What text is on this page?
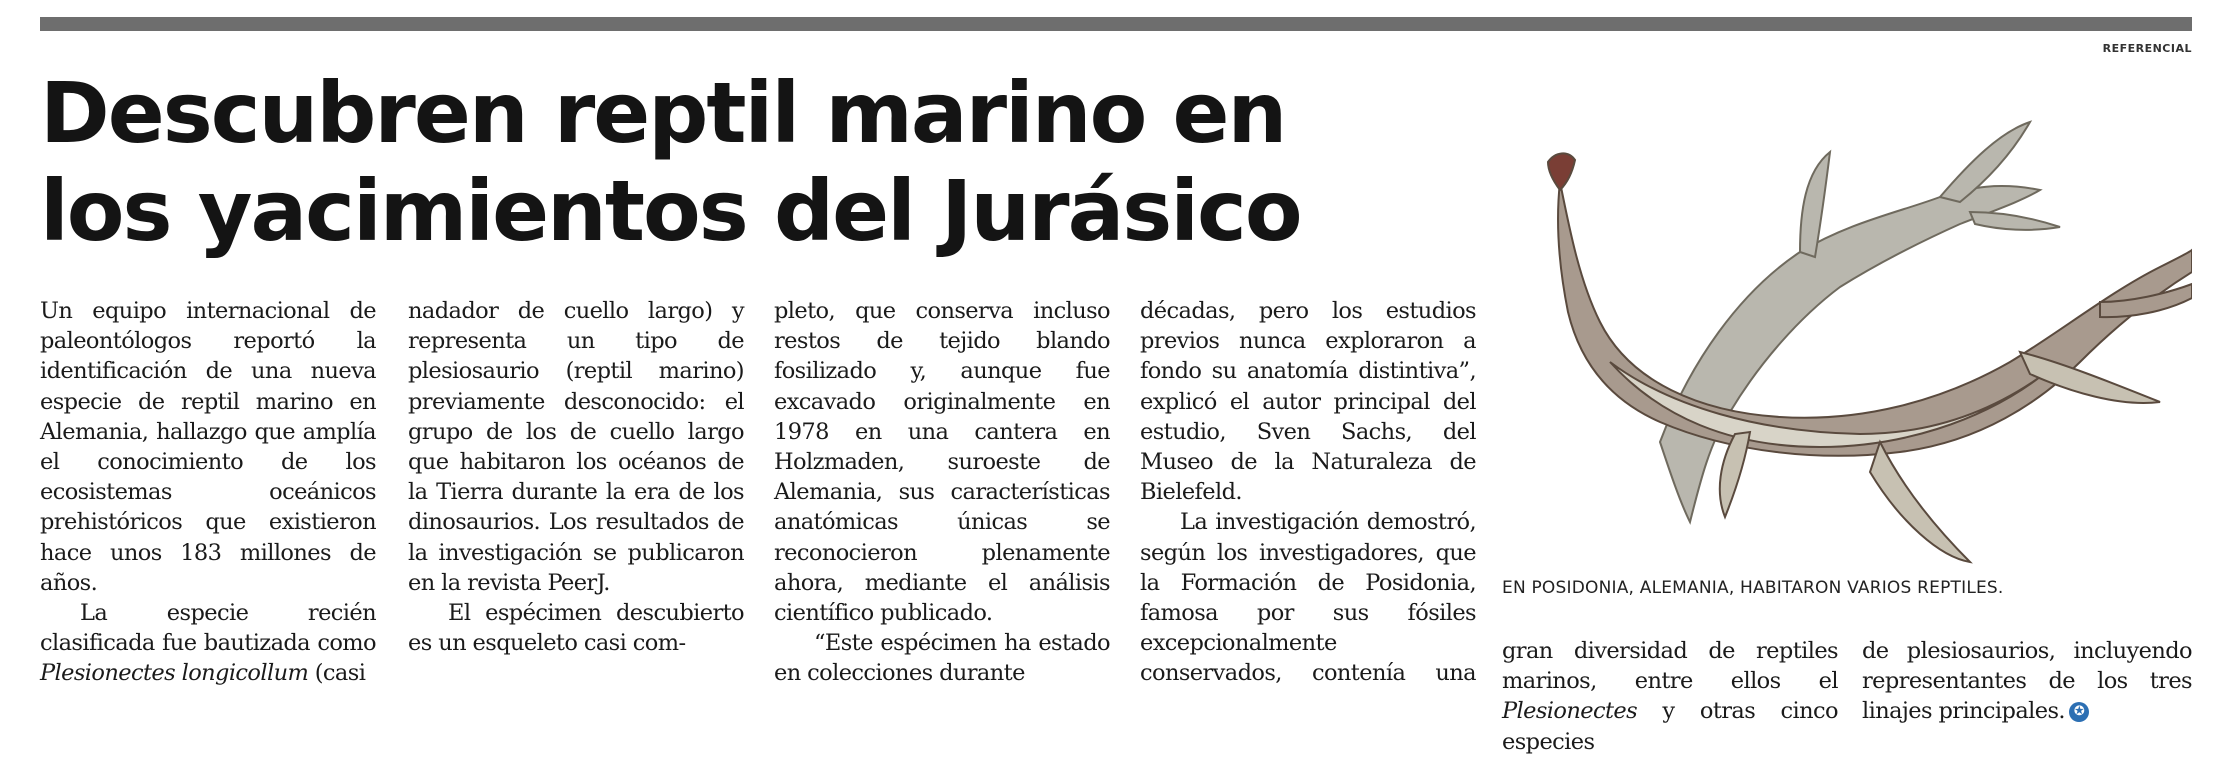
REFERENCIAL
Descubren reptil marino en
los yacimientos del Jurásico

Un equipo internacional de paleontólogos reportó la identificación de una nueva especie de reptil marino en Alemania, hallazgo que amplía el conocimiento de los ecosistemas oceánicos prehistóricos que existieron hace unos 183 millones de años.

La especie recién clasificada fue bautizada como Plesionectes longicollum (casi

nadador de cuello largo) y representa un tipo de plesiosaurio (reptil marino) previamente desconocido: el grupo de los de cuello largo que habitaron los océanos de la Tierra durante la era de los dinosaurios. Los resultados de la investigación se publicaron en la revista PeerJ.

El espécimen descubierto es un esqueleto casi com-

pleto, que conserva incluso restos de tejido blando fosilizado y, aunque fue excavado originalmente en 1978 en una cantera en Holzmaden, suroeste de Alemania, sus características anatómicas únicas se reconocieron plenamente ahora, mediante el análisis científico publicado.

“Este espécimen ha estado en colecciones durante

décadas, pero los estudios previos nunca exploraron a fondo su anatomía distintiva”, explicó el autor principal del estudio, Sven Sachs, del Museo de la Naturaleza de Bielefeld.

La investigación demostró, según los investigadores, que la Formación de Posidonia, famosa por sus fósiles excepcionalmente conservados, contenía una

EN POSIDONIA, ALEMANIA, HABITARON VARIOS REPTILES.

gran diversidad de reptiles marinos, entre ellos el Plesionectes y otras cinco especies

de plesiosaurios, incluyendo representantes de los tres linajes principales. ✪
